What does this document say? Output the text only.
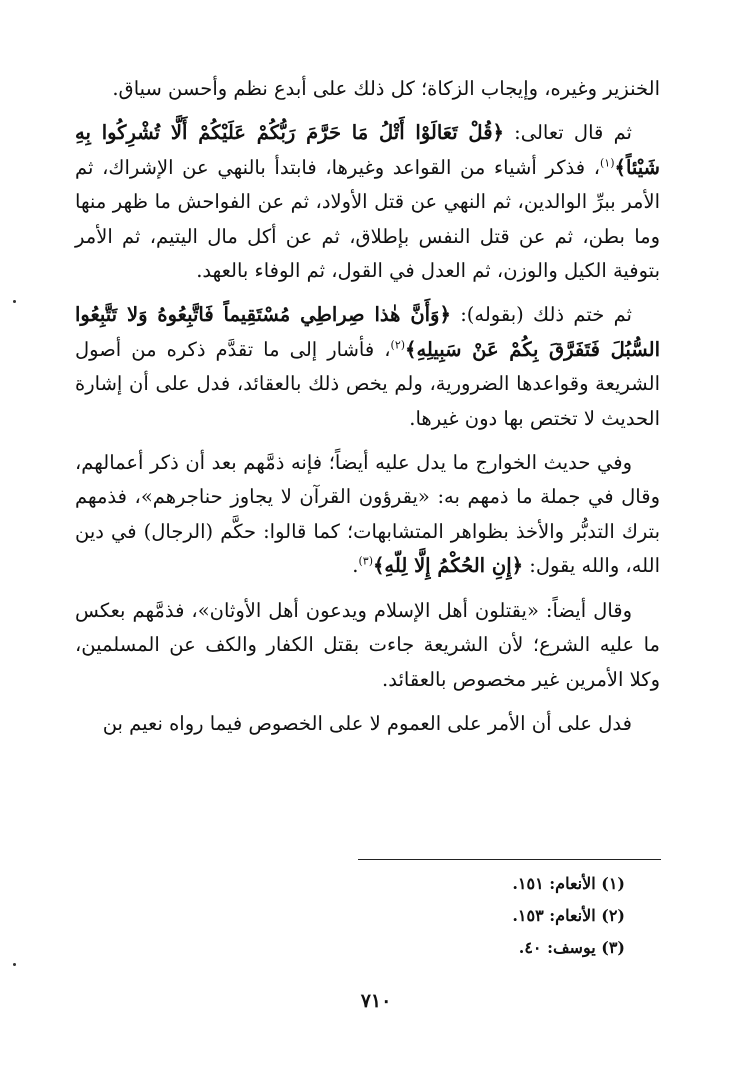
الخنزير وغيره، وإيجاب الزكاة؛ كل ذلك على أبدع نظم وأحسن سياق.

ثم قال تعالى: ﴿قُلْ تَعَالَوْا أَتْلُ مَا حَرَّمَ رَبُّكُمْ عَلَيْكُمْ أَلَّا تُشْرِكُوا بِهِ شَيْئاً﴾$^{(١)}$، فذكر أشياء من القواعد وغيرها، فابتدأ بالنهي عن الإشراك، ثم الأمر ببرِّ الوالدين، ثم النهي عن قتل الأولاد، ثم عن الفواحش ما ظهر منها وما بطن، ثم عن قتل النفس بإطلاق، ثم عن أكل مال اليتيم، ثم الأمر بتوفية الكيل والوزن، ثم العدل في القول، ثم الوفاء بالعهد.

ثم ختم ذلك (بقوله): ﴿وَأَنَّ هٰذا صِراطِي مُسْتَقِيماً فَاتَّبِعُوهُ وَلا تَتَّبِعُوا السُّبُلَ فَتَفَرَّقَ بِكُمْ عَنْ سَبِيلِهِ﴾$^{(٢)}$، فأشار إلى ما تقدَّم ذكره من أصول الشريعة وقواعدها الضرورية، ولم يخص ذلك بالعقائد، فدل على أن إشارة الحديث لا تختص بها دون غيرها.

وفي حديث الخوارج ما يدل عليه أيضاً؛ فإنه ذمَّهم بعد أن ذكر أعمالهم، وقال في جملة ما ذمهم به: «يقرؤون القرآن لا يجاوز حناجرهم»، فذمهم بترك التدبُّر والأخذ بظواهر المتشابهات؛ كما قالوا: حكَّم (الرجال) في دين الله، والله يقول: ﴿إِنِ الحُكْمُ إِلَّا لِلّهِ﴾$^{(٣)}$.

وقال أيضاً: «يقتلون أهل الإسلام ويدعون أهل الأوثان»، فذمَّهم بعكس ما عليه الشرع؛ لأن الشريعة جاءت بقتل الكفار والكف عن المسلمين، وكلا الأمرين غير مخصوص بالعقائد.

فدل على أن الأمر على العموم لا على الخصوص فيما رواه نعيم بن

(١) الأنعام: ١٥١.
(٢) الأنعام: ١٥٣.
(٣) يوسف: ٤٠.
٧١٠
